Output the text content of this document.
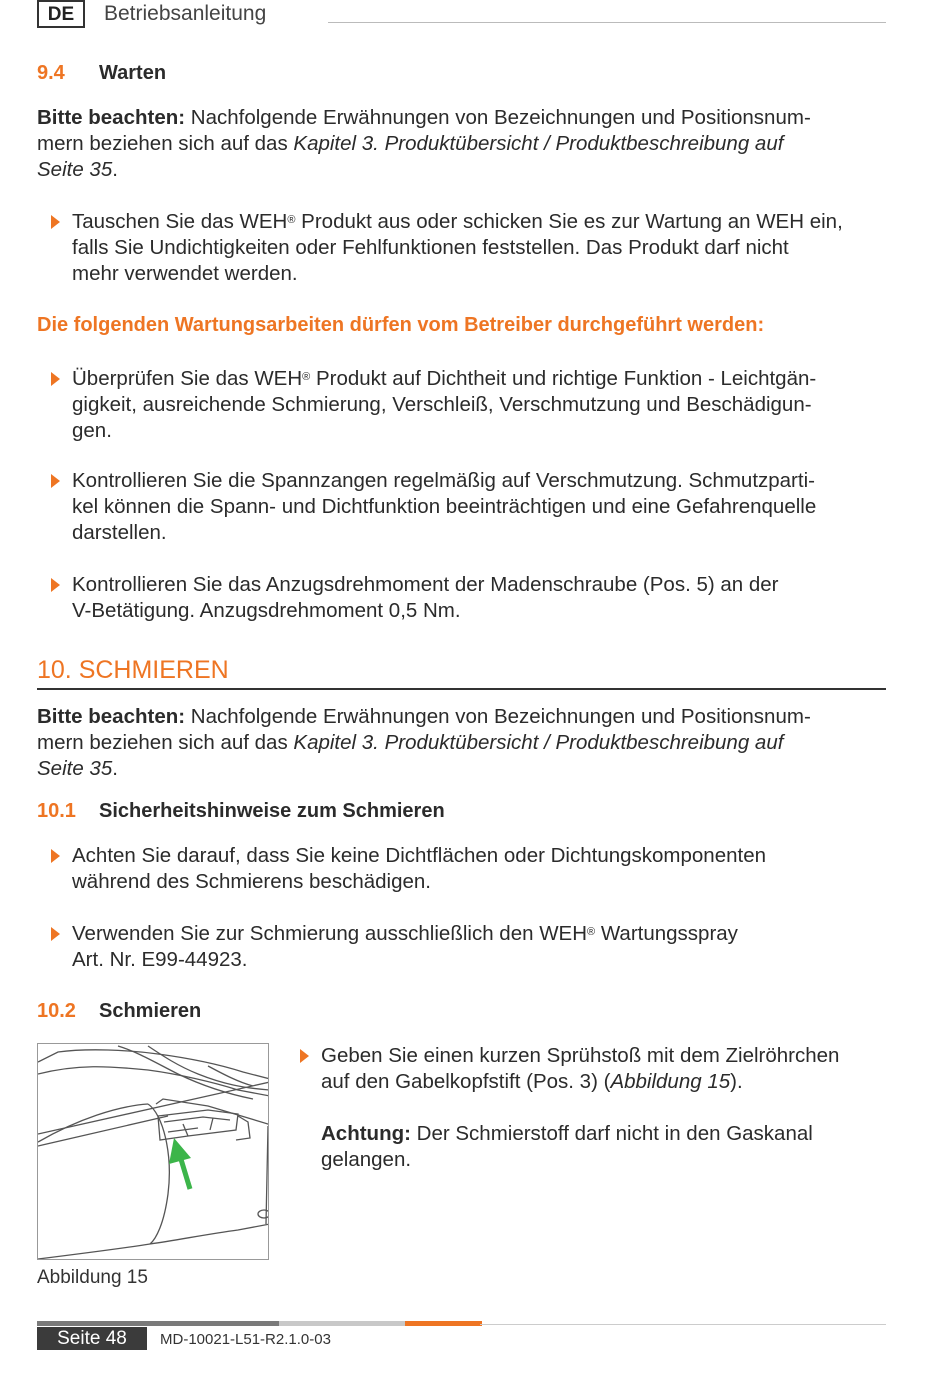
DE	Betriebsanleitung
9.4 Warten
Bitte beachten: Nachfolgende Erwähnungen von Bezeichnungen und Positionsnum-
mern beziehen sich auf das Kapitel 3. Produktübersicht / Produktbeschreibung auf
Seite 35.
Tauschen Sie das WEH® Produkt aus oder schicken Sie es zur Wartung an WEH ein,
falls Sie Undichtigkeiten oder Fehlfunktionen feststellen. Das Produkt darf nicht
mehr verwendet werden.
Die folgenden Wartungsarbeiten dürfen vom Betreiber durchgeführt werden:
Überprüfen Sie das WEH® Produkt auf Dichtheit und richtige Funktion - Leichtgän-
gigkeit, ausreichende Schmierung, Verschleiß, Verschmutzung und Beschädigun-
gen.
Kontrollieren Sie die Spannzangen regelmäßig auf Verschmutzung. Schmutzparti-
kel können die Spann- und Dichtfunktion beeinträchtigen und eine Gefahrenquelle
darstellen.
Kontrollieren Sie das Anzugsdrehmoment der Madenschraube (Pos. 5) an der
V-Betätigung. Anzugsdrehmoment 0,5 Nm.
10. SCHMIEREN
Bitte beachten: Nachfolgende Erwähnungen von Bezeichnungen und Positionsnum-
mern beziehen sich auf das Kapitel 3. Produktübersicht / Produktbeschreibung auf
Seite 35.
10.1 Sicherheitshinweise zum Schmieren
Achten Sie darauf, dass Sie keine Dichtflächen oder Dichtungskomponenten
während des Schmierens beschädigen.
Verwenden Sie zur Schmierung ausschließlich den WEH® Wartungsspray
Art. Nr. E99-44923.
10.2 Schmieren
Abbildung 15
Geben Sie einen kurzen Sprühstoß mit dem Zielröhrchen
auf den Gabelkopfstift (Pos. 3) (Abbildung 15).
Achtung: Der Schmierstoff darf nicht in den Gaskanal
gelangen.
Seite 48	MD-10021-L51-R2.1.0-03
